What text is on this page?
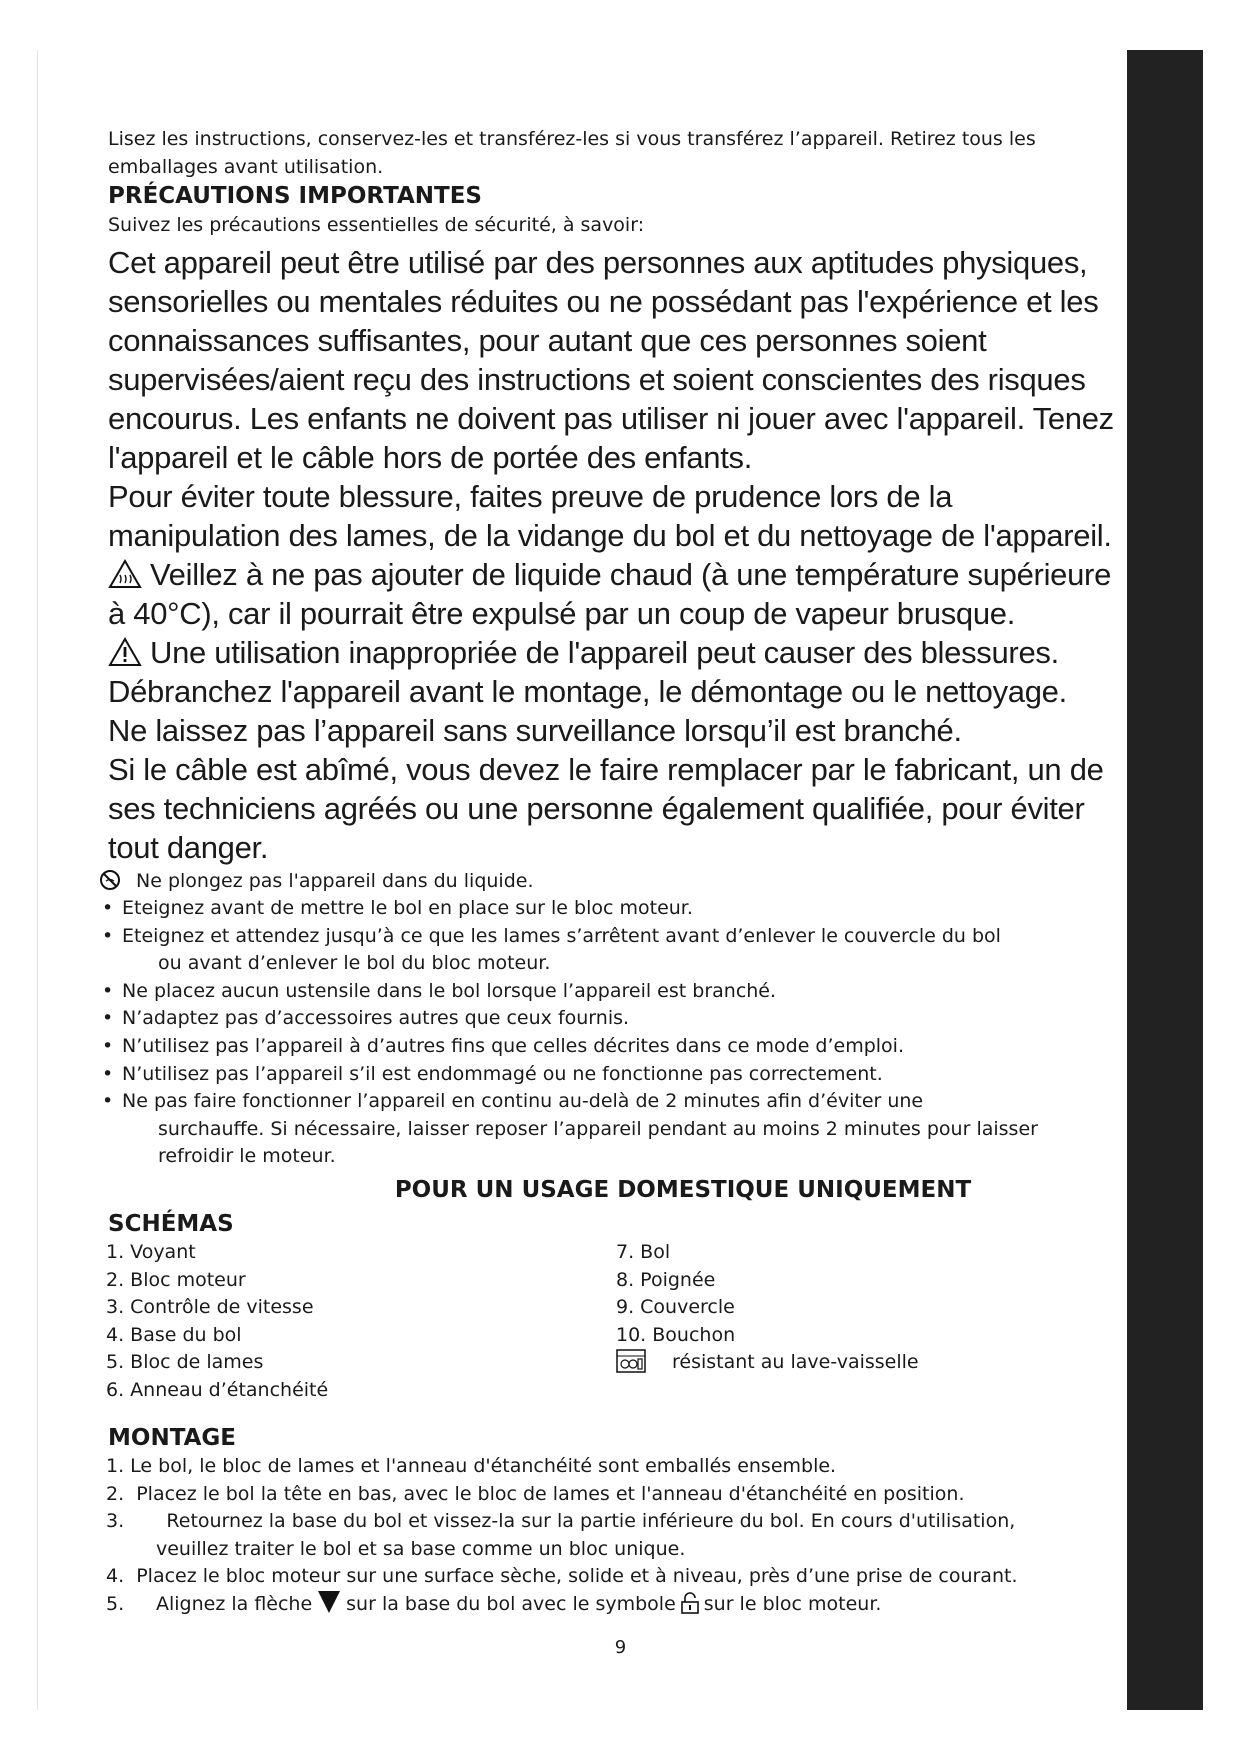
mode d’emploi

Lisez les instructions, conservez-les et transférez-les si vous transférez l’appareil. Retirez tous les emballages avant utilisation.

PRÉCAUTIONS IMPORTANTES

Suivez les précautions essentielles de sécurité, à savoir:

Cet appareil peut être utilisé par des personnes aux aptitudes physiques, sensorielles ou mentales réduites ou ne possédant pas l'expérience et les connaissances suffisantes, pour autant que ces personnes soient supervisées/aient reçu des instructions et soient conscientes des risques encourus. Les enfants ne doivent pas utiliser ni jouer avec l'appareil. Tenez l'appareil et le câble hors de portée des enfants.

Pour éviter toute blessure, faites preuve de prudence lors de la manipulation des lames, de la vidange du bol et du nettoyage de l'appareil.

Veillez à ne pas ajouter de liquide chaud (à une température supérieure à 40°C), car il pourrait être expulsé par un coup de vapeur brusque.

Une utilisation inappropriée de l'appareil peut causer des blessures.

Débranchez l'appareil avant le montage, le démontage ou le nettoyage.

Ne laissez pas l’appareil sans surveillance lorsqu’il est branché.

Si le câble est abîmé, vous devez le faire remplacer par le fabricant, un de ses techniciens agréés ou une personne également qualifiée, pour éviter tout danger.

Ne plongez pas l'appareil dans du liquide.
• Eteignez avant de mettre le bol en place sur le bloc moteur.
• Eteignez et attendez jusqu’à ce que les lames s’arrêtent avant d’enlever le couvercle du bol
ou avant d’enlever le bol du bloc moteur.
• Ne placez aucun ustensile dans le bol lorsque l’appareil est branché.
• N’adaptez pas d’accessoires autres que ceux fournis.
• N’utilisez pas l’appareil à d’autres fins que celles décrites dans ce mode d’emploi.
• N’utilisez pas l’appareil s’il est endommagé ou ne fonctionne pas correctement.
• Ne pas faire fonctionner l’appareil en continu au-delà de 2 minutes afin d’éviter une
surchauffe. Si nécessaire, laisser reposer l’appareil pendant au moins 2 minutes pour laisser refroidir le moteur.

POUR UN USAGE DOMESTIQUE UNIQUEMENT

SCHÉMAS

1. Voyant
2. Bloc moteur
3. Contrôle de vitesse
4. Base du bol
5. Bloc de lames
6. Anneau d’étanchéité
7. Bol
8. Poignée
9. Couvercle
10. Bouchon
résistant au lave-vaisselle

MONTAGE

1. Le bol, le bloc de lames et l'anneau d'étanchéité sont emballés ensemble.
2.  Placez le bol la tête en bas, avec le bloc de lames et l'anneau d'étanchéité en position.
3.       Retournez la base du bol et vissez-la sur la partie inférieure du bol. En cours d'utilisation,
veuillez traiter le bol et sa base comme un bloc unique.
4.  Placez le bloc moteur sur une surface sèche, solide et à niveau, près d’une prise de courant.
5. Alignez la flèche sur la base du bol avec le symbole sur le bloc moteur.
9
